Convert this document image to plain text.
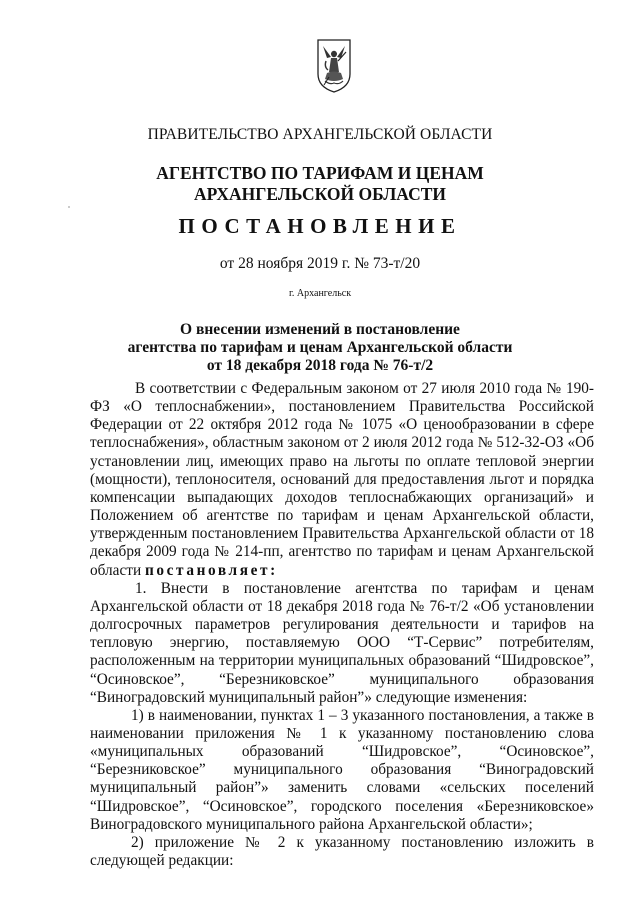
ПРАВИТЕЛЬСТВО АРХАНГЕЛЬСКОЙ ОБЛАСТИ
АГЕНТСТВО ПО ТАРИФАМ И ЦЕНАМ
АРХАНГЕЛЬСКОЙ ОБЛАСТИ
ПОСТАНОВЛЕНИЕ
от 28 ноября 2019 г. № 73-т/20
г. Архангельск
О внесении изменений в постановление
агентства по тарифам и ценам Архангельской области
от 18 декабря 2018 года № 76-т/2

В соответствии с Федеральным законом от 27 июля 2010 года № 190-ФЗ «О теплоснабжении», постановлением Правительства Российской Федерации от 22 октября 2012 года № 1075 «О ценообразовании в сфере теплоснабжения», областным законом от 2 июля 2012 года № 512-32-ОЗ «Об установлении лиц, имеющих право на льготы по оплате тепловой энергии (мощности), теплоносителя, оснований для предоставления льгот и порядка компенсации выпадающих доходов теплоснабжающих организаций» и Положением об агентстве по тарифам и ценам Архангельской области, утвержденным постановлением Правительства Архангельской области от 18 декабря 2009 года № 214-пп, агентство по тарифам и ценам Архангельской области постановляет:

1. Внести в постановление агентства по тарифам и ценам Архангельской области от 18 декабря 2018 года № 76-т/2 «Об установлении долгосрочных параметров регулирования деятельности и тарифов на тепловую энергию, поставляемую ООО “Т-Сервис” потребителям, расположенным на территории муниципальных образований “Шидровское”, “Осиновское”, “Березниковское” муниципального образования “Виноградовский муниципальный район”» следующие изменения:

1) в наименовании, пунктах 1 – 3 указанного постановления, а также в наименовании приложения № 1 к указанному постановлению слова «муниципальных образований “Шидровское”, “Осиновское”, “Березниковское” муниципального образования “Виноградовский муниципальный район”» заменить словами «сельских поселений “Шидровское”, “Осиновское”, городского поселения «Березниковское» Виноградовского муниципального района Архангельской области»;

2) приложение № 2 к указанному постановлению изложить в следующей редакции:
